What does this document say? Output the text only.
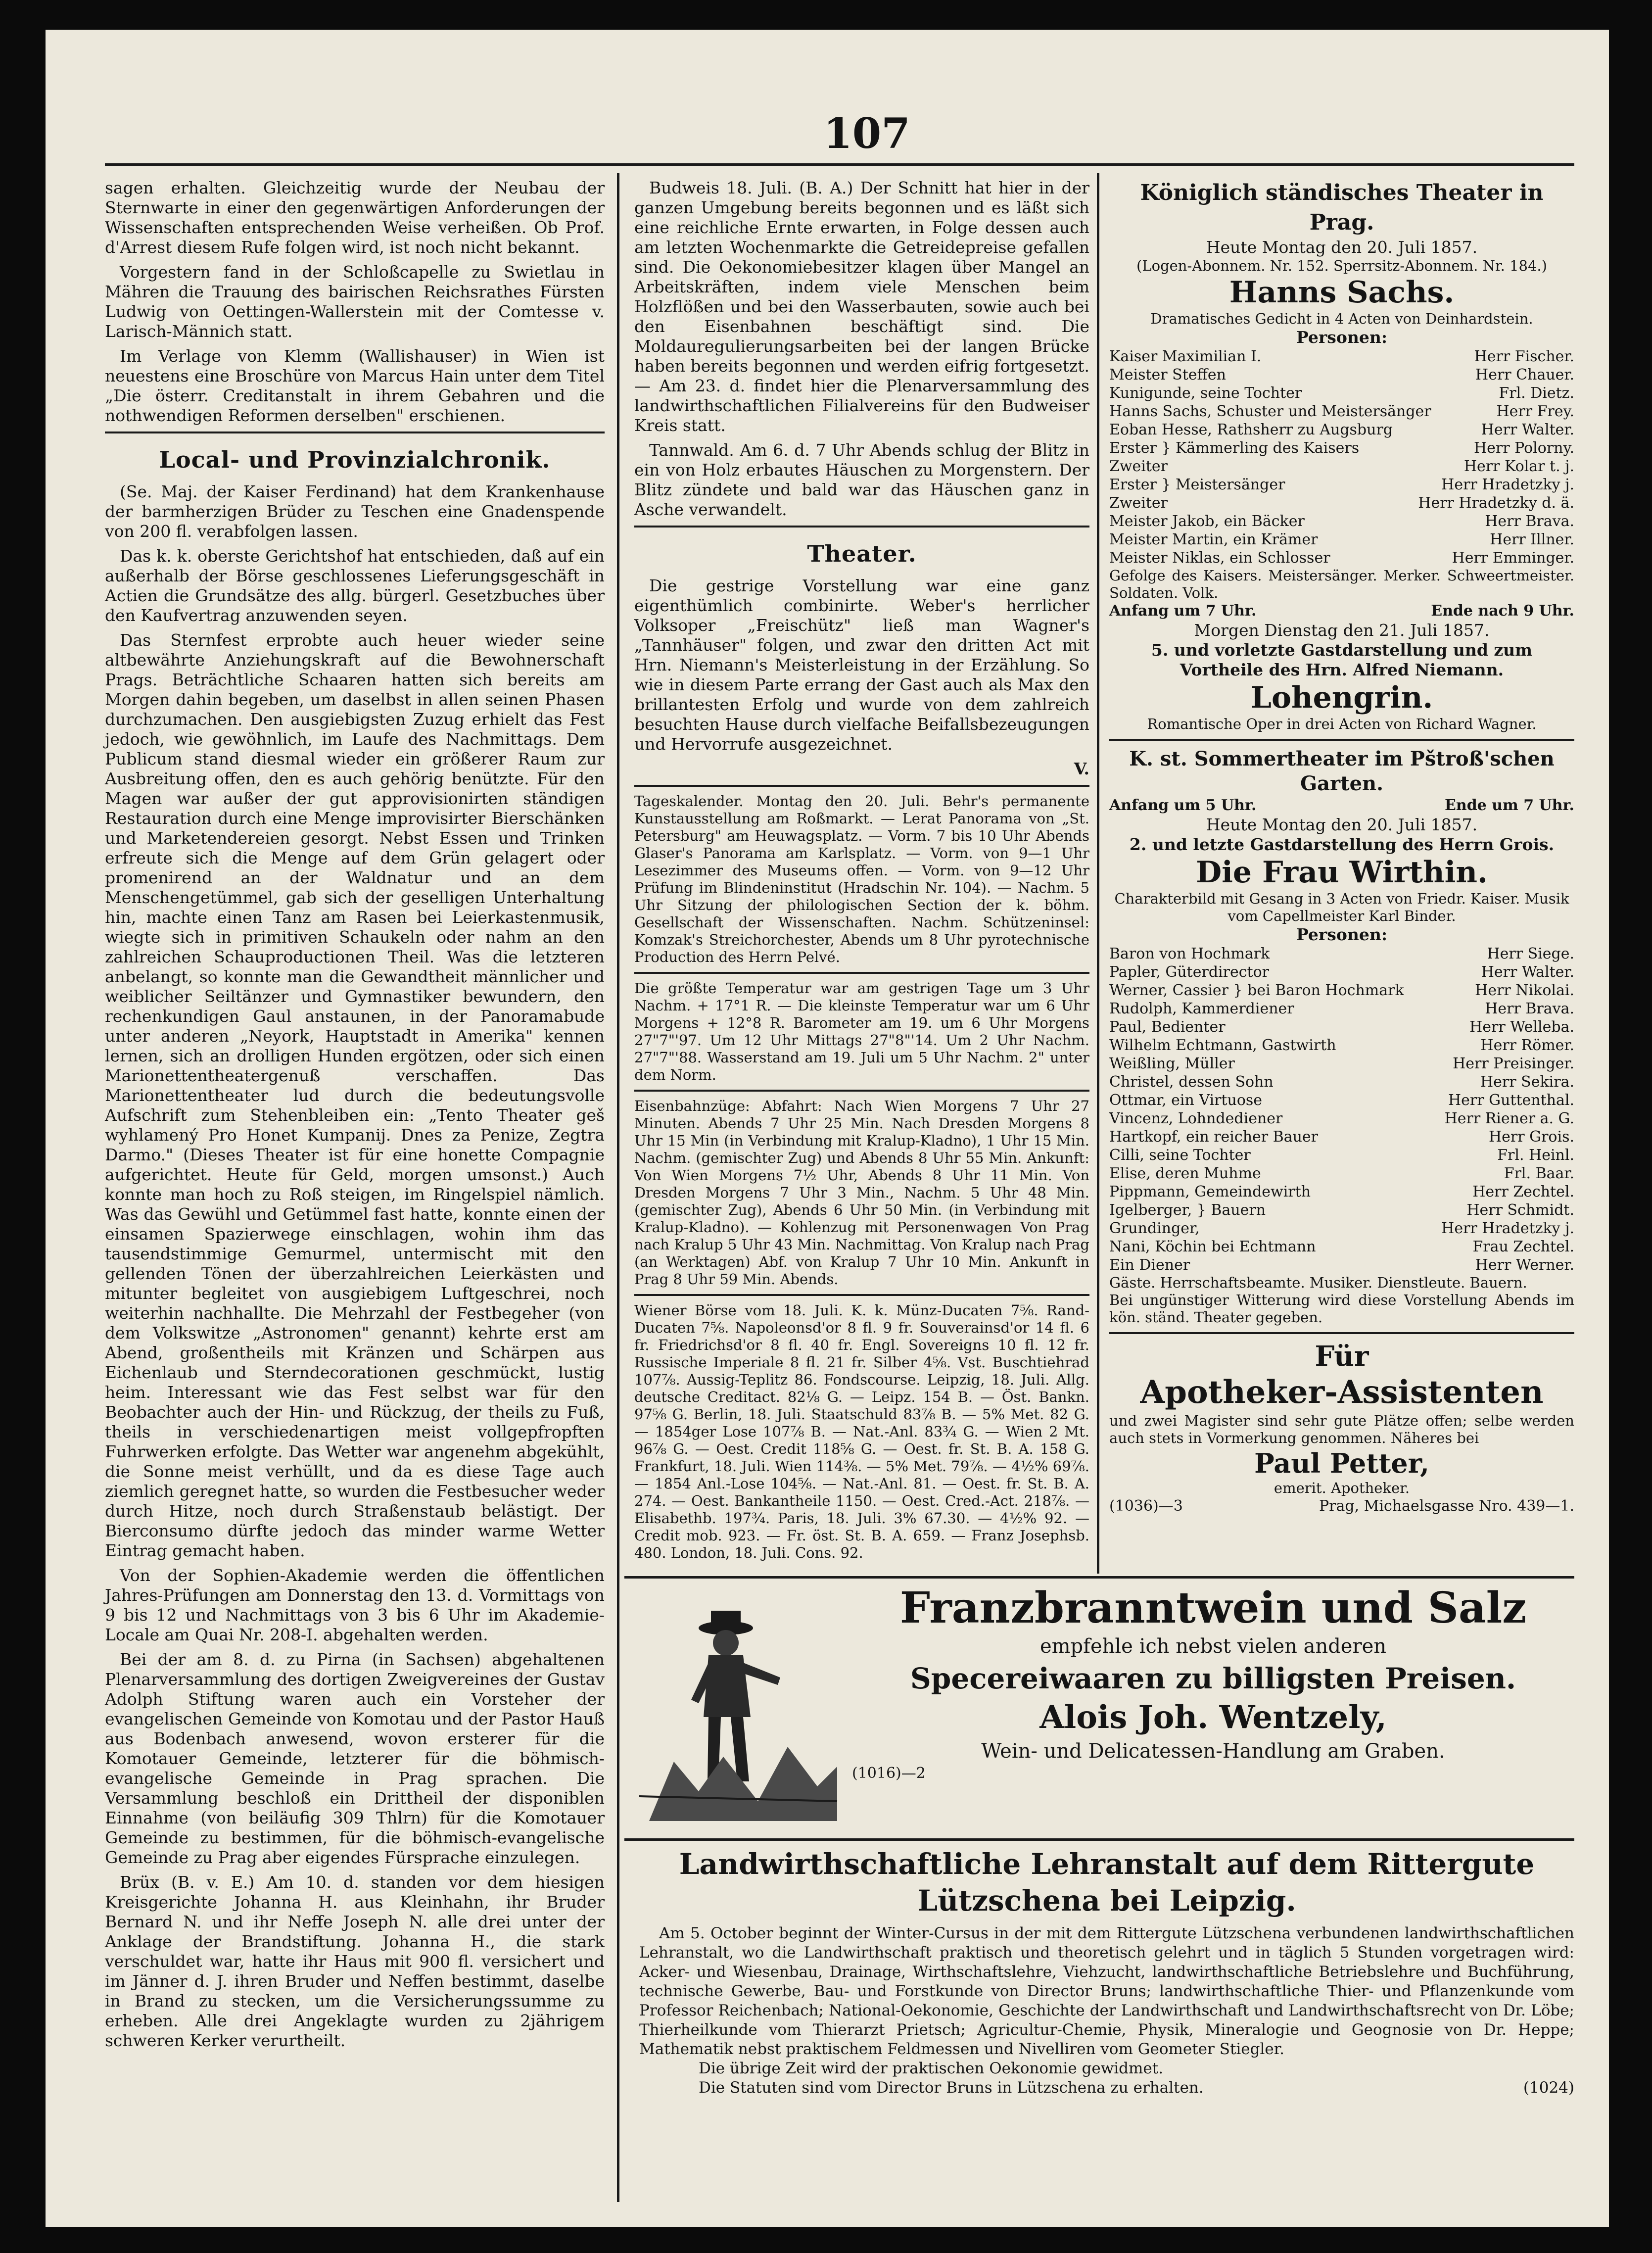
107

sagen erhalten. Gleichzeitig wurde der Neubau der Sternwarte in einer den gegenwärtigen Anforderungen der Wissenschaften entsprechenden Weise verheißen. Ob Prof. d'Arrest diesem Rufe folgen wird, ist noch nicht bekannt.

Vorgestern fand in der Schloßcapelle zu Swietlau in Mähren die Trauung des bairischen Reichsrathes Fürsten Ludwig von Oettingen-Wallerstein mit der Comtesse v. Larisch-Männich statt.

Im Verlage von Klemm (Wallishauser) in Wien ist neuestens eine Broschüre von Marcus Hain unter dem Titel „Die österr. Creditanstalt in ihrem Gebahren und die nothwendigen Reformen derselben" erschienen.

Local- und Provinzialchronik.

(Se. Maj. der Kaiser Ferdinand) hat dem Krankenhause der barmherzigen Brüder zu Teschen eine Gnadenspende von 200 fl. verabfolgen lassen.

Das k. k. oberste Gerichtshof hat entschieden, daß auf ein außerhalb der Börse geschlossenes Lieferungsgeschäft in Actien die Grundsätze des allg. bürgerl. Gesetzbuches über den Kaufvertrag anzuwenden seyen.

Das Sternfest erprobte auch heuer wieder seine altbewährte Anziehungskraft auf die Bewohnerschaft Prags. Beträchtliche Schaaren hatten sich bereits am Morgen dahin begeben, um daselbst in allen seinen Phasen durchzumachen. Den ausgiebigsten Zuzug erhielt das Fest jedoch, wie gewöhnlich, im Laufe des Nachmittags. Dem Publicum stand diesmal wieder ein größerer Raum zur Ausbreitung offen, den es auch gehörig benützte. Für den Magen war außer der gut approvisionirten ständigen Restauration durch eine Menge improvisirter Bierschänken und Marketendereien gesorgt. Nebst Essen und Trinken erfreute sich die Menge auf dem Grün gelagert oder promenirend an der Waldnatur und an dem Menschengetümmel, gab sich der geselligen Unterhaltung hin, machte einen Tanz am Rasen bei Leierkastenmusik, wiegte sich in primitiven Schaukeln oder nahm an den zahlreichen Schauproductionen Theil. Was die letzteren anbelangt, so konnte man die Gewandtheit männlicher und weiblicher Seiltänzer und Gymnastiker bewundern, den rechenkundigen Gaul anstaunen, in der Panoramabude unter anderen „Neyork, Hauptstadt in Amerika" kennen lernen, sich an drolligen Hunden ergötzen, oder sich einen Marionettentheatergenuß verschaffen. Das Marionettentheater lud durch die bedeutungsvolle Aufschrift zum Stehenbleiben ein: „Tento Theater geš wyhlamený Pro Honet Kumpanij. Dnes za Penize, Zegtra Darmo." (Dieses Theater ist für eine honette Compagnie aufgerichtet. Heute für Geld, morgen umsonst.) Auch konnte man hoch zu Roß steigen, im Ringelspiel nämlich. Was das Gewühl und Getümmel fast hatte, konnte einen der einsamen Spazierwege einschlagen, wohin ihm das tausendstimmige Gemurmel, untermischt mit den gellenden Tönen der überzahlreichen Leierkästen und mitunter begleitet von ausgiebigem Luftgeschrei, noch weiterhin nachhallte. Die Mehrzahl der Festbegeher (von dem Volkswitze „Astronomen" genannt) kehrte erst am Abend, großentheils mit Kränzen und Schärpen aus Eichenlaub und Sterndecorationen geschmückt, lustig heim. Interessant wie das Fest selbst war für den Beobachter auch der Hin- und Rückzug, der theils zu Fuß, theils in verschiedenartigen meist vollgepfropften Fuhrwerken erfolgte. Das Wetter war angenehm abgekühlt, die Sonne meist verhüllt, und da es diese Tage auch ziemlich geregnet hatte, so wurden die Festbesucher weder durch Hitze, noch durch Straßenstaub belästigt. Der Bierconsumo dürfte jedoch das minder warme Wetter Eintrag gemacht haben.

Von der Sophien-Akademie werden die öffentlichen Jahres-Prüfungen am Donnerstag den 13. d. Vormittags von 9 bis 12 und Nachmittags von 3 bis 6 Uhr im Akademie-Locale am Quai Nr. 208-I. abgehalten werden.

Bei der am 8. d. zu Pirna (in Sachsen) abgehaltenen Plenarversammlung des dortigen Zweigvereines der Gustav Adolph Stiftung waren auch ein Vorsteher der evangelischen Gemeinde von Komotau und der Pastor Hauß aus Bodenbach anwesend, wovon ersterer für die Komotauer Gemeinde, letzterer für die böhmisch-evangelische Gemeinde in Prag sprachen. Die Versammlung beschloß ein Drittheil der disponiblen Einnahme (von beiläufig 309 Thlrn) für die Komotauer Gemeinde zu bestimmen, für die böhmisch-evangelische Gemeinde zu Prag aber eigendes Fürsprache einzulegen.

Brüx (B. v. E.) Am 10. d. standen vor dem hiesigen Kreisgerichte Johanna H. aus Kleinhahn, ihr Bruder Bernard N. und ihr Neffe Joseph N. alle drei unter der Anklage der Brandstiftung. Johanna H., die stark verschuldet war, hatte ihr Haus mit 900 fl. versichert und im Jänner d. J. ihren Bruder und Neffen bestimmt, daselbe in Brand zu stecken, um die Versicherungssumme zu erheben. Alle drei Angeklagte wurden zu 2jährigem schweren Kerker verurtheilt.

Budweis 18. Juli. (B. A.) Der Schnitt hat hier in der ganzen Umgebung bereits begonnen und es läßt sich eine reichliche Ernte erwarten, in Folge dessen auch am letzten Wochenmarkte die Getreidepreise gefallen sind. Die Oekonomiebesitzer klagen über Mangel an Arbeitskräften, indem viele Menschen beim Holzflößen und bei den Wasserbauten, sowie auch bei den Eisenbahnen beschäftigt sind. Die Moldauregulierungsarbeiten bei der langen Brücke haben bereits begonnen und werden eifrig fortgesetzt. — Am 23. d. findet hier die Plenarversammlung des landwirthschaftlichen Filialvereins für den Budweiser Kreis statt.

Tannwald. Am 6. d. 7 Uhr Abends schlug der Blitz in ein von Holz erbautes Häuschen zu Morgenstern. Der Blitz zündete und bald war das Häuschen ganz in Asche verwandelt.

Theater.

Die gestrige Vorstellung war eine ganz eigenthümlich combinirte. Weber's herrlicher Volksoper „Freischütz" ließ man Wagner's „Tannhäuser" folgen, und zwar den dritten Act mit Hrn. Niemann's Meisterleistung in der Erzählung. So wie in diesem Parte errang der Gast auch als Max den brillantesten Erfolg und wurde von dem zahlreich besuchten Hause durch vielfache Beifallsbezeugungen und Hervorrufe ausgezeichnet.

V.

Tageskalender. Montag den 20. Juli. Behr's permanente Kunstausstellung am Roßmarkt. — Lerat Panorama von „St. Petersburg" am Heuwagsplatz. — Vorm. 7 bis 10 Uhr Abends Glaser's Panorama am Karlsplatz. — Vorm. von 9—1 Uhr Lesezimmer des Museums offen. — Vorm. von 9—12 Uhr Prüfung im Blindeninstitut (Hradschin Nr. 104). — Nachm. 5 Uhr Sitzung der philologischen Section der k. böhm. Gesellschaft der Wissenschaften. Nachm. Schützeninsel: Komzak's Streichorchester, Abends um 8 Uhr pyrotechnische Production des Herrn Pelvé.

Die größte Temperatur war am gestrigen Tage um 3 Uhr Nachm. + 17°1 R. — Die kleinste Temperatur war um 6 Uhr Morgens + 12°8 R. Barometer am 19. um 6 Uhr Morgens 27"7"'97. Um 12 Uhr Mittags 27"8"'14. Um 2 Uhr Nachm. 27"7"'88. Wasserstand am 19. Juli um 5 Uhr Nachm. 2" unter dem Norm.

Eisenbahnzüge: Abfahrt: Nach Wien Morgens 7 Uhr 27 Minuten. Abends 7 Uhr 25 Min. Nach Dresden Morgens 8 Uhr 15 Min (in Verbindung mit Kralup-Kladno), 1 Uhr 15 Min. Nachm. (gemischter Zug) und Abends 8 Uhr 55 Min. Ankunft: Von Wien Morgens 7½ Uhr, Abends 8 Uhr 11 Min. Von Dresden Morgens 7 Uhr 3 Min., Nachm. 5 Uhr 48 Min. (gemischter Zug), Abends 6 Uhr 50 Min. (in Verbindung mit Kralup-Kladno). — Kohlenzug mit Personenwagen Von Prag nach Kralup 5 Uhr 43 Min. Nachmittag. Von Kralup nach Prag (an Werktagen) Abf. von Kralup 7 Uhr 10 Min. Ankunft in Prag 8 Uhr 59 Min. Abends.

Wiener Börse vom 18. Juli. K. k. Münz-Ducaten 7⅝. Rand-Ducaten 7⅝. Napoleonsd'or 8 fl. 9 fr. Souverainsd'or 14 fl. 6 fr. Friedrichsd'or 8 fl. 40 fr. Engl. Sovereigns 10 fl. 12 fr. Russische Imperiale 8 fl. 21 fr. Silber 4⅝. Vst. Buschtiehrad 107⅞. Aussig-Teplitz 86. Fondscourse. Leipzig, 18. Juli. Allg. deutsche Creditact. 82⅛ G. — Leipz. 154 B. — Öst. Bankn. 97⅝ G. Berlin, 18. Juli. Staatschuld 83⅞ B. — 5% Met. 82 G. — 1854ger Lose 107⅞ B. — Nat.-Anl. 83¾ G. — Wien 2 Mt. 96⅞ G. — Oest. Credit 118⅝ G. — Oest. fr. St. B. A. 158 G. Frankfurt, 18. Juli. Wien 114⅜. — 5% Met. 79⅞. — 4½% 69⅞. — 1854 Anl.-Lose 104⅝. — Nat.-Anl. 81. — Oest. fr. St. B. A. 274. — Oest. Bankantheile 1150. — Oest. Cred.-Act. 218⅞. — Elisabethb. 197¾. Paris, 18. Juli. 3% 67.30. — 4½% 92. — Credit mob. 923. — Fr. öst. St. B. A. 659. — Franz Josephsb. 480. London, 18. Juli. Cons. 92.

Königlich ständisches Theater in Prag.
Heute Montag den 20. Juli 1857.
(Logen-Abonnem. Nr. 152. Sperrsitz-Abonnem. Nr. 184.)
Hanns Sachs.
Dramatisches Gedicht in 4 Acten von Deinhardstein.
Personen:
Kaiser Maximilian I.	Herr Fischer.
Meister Steffen	Herr Chauer.
Kunigunde, seine Tochter	Frl. Dietz.
Hanns Sachs, Schuster und Meistersänger	Herr Frey.
Eoban Hesse, Rathsherr zu Augsburg	Herr Walter.
Erster } Kämmerling des Kaisers	Herr Polorny.
Zweiter	Herr Kolar t. j.
Erster } Meistersänger	Herr Hradetzky j.
Zweiter	Herr Hradetzky d. ä.
Meister Jakob, ein Bäcker	Herr Brava.
Meister Martin, ein Krämer	Herr Illner.
Meister Niklas, ein Schlosser	Herr Emminger.
Gefolge des Kaisers. Meistersänger. Merker. Schweertmeister. Soldaten. Volk.
Anfang um 7 Uhr.	Ende nach 9 Uhr.
Morgen Dienstag den 21. Juli 1857.
5. und vorletzte Gastdarstellung und zum Vortheile des Hrn. Alfred Niemann.
Lohengrin.
Romantische Oper in drei Acten von Richard Wagner.
K. st. Sommertheater im Pštroß'schen Garten.
Anfang um 5 Uhr.	Ende um 7 Uhr.
Heute Montag den 20. Juli 1857.
2. und letzte Gastdarstellung des Herrn Grois.
Die Frau Wirthin.
Charakterbild mit Gesang in 3 Acten von Friedr. Kaiser. Musik vom Capellmeister Karl Binder.
Personen:
Baron von Hochmark	Herr Siege.
Papler, Güterdirector	Herr Walter.
Werner, Cassier } bei Baron Hochmark	Herr Nikolai.
Rudolph, Kammerdiener	Herr Brava.
Paul, Bedienter	Herr Welleba.
Wilhelm Echtmann, Gastwirth	Herr Römer.
Weißling, Müller	Herr Preisinger.
Christel, dessen Sohn	Herr Sekira.
Ottmar, ein Virtuose	Herr Guttenthal.
Vincenz, Lohndediener	Herr Riener a. G.
Hartkopf, ein reicher Bauer	Herr Grois.
Cilli, seine Tochter	Frl. Heinl.
Elise, deren Muhme	Frl. Baar.
Pippmann, Gemeindewirth	Herr Zechtel.
Igelberger, } Bauern	Herr Schmidt.
Grundinger,	Herr Hradetzky j.
Nani, Köchin bei Echtmann	Frau Zechtel.
Ein Diener	Herr Werner.
Gäste. Herrschaftsbeamte. Musiker. Dienstleute. Bauern.
Bei ungünstiger Witterung wird diese Vorstellung Abends im kön. ständ. Theater gegeben.
Für
Apotheker-Assistenten
und zwei Magister sind sehr gute Plätze offen; selbe werden auch stets in Vormerkung genommen. Näheres bei
Paul Petter,
emerit. Apotheker.
(1036)—3	Prag, Michaelsgasse Nro. 439—1.
Franzbranntwein und Salz
empfehle ich nebst vielen anderen
Specereiwaaren zu billigsten Preisen.
Alois Joh. Wentzely,
Wein- und Delicatessen-Handlung am Graben.
(1016)—2
Landwirthschaftliche Lehranstalt auf dem Rittergute
Lützschena bei Leipzig.

Am 5. October beginnt der Winter-Cursus in der mit dem Rittergute Lützschena verbundenen landwirthschaftlichen Lehranstalt, wo die Landwirthschaft praktisch und theoretisch gelehrt und in täglich 5 Stunden vorgetragen wird: Acker- und Wiesenbau, Drainage, Wirthschaftslehre, Viehzucht, landwirthschaftliche Betriebslehre und Buchführung, technische Gewerbe, Bau- und Forstkunde von Director Bruns; landwirthschaftliche Thier- und Pflanzenkunde vom Professor Reichenbach; National-Oekonomie, Geschichte der Landwirthschaft und Landwirthschaftsrecht von Dr. Löbe; Thierheilkunde vom Thierarzt Prietsch; Agricultur-Chemie, Physik, Mineralogie und Geognosie von Dr. Heppe; Mathematik nebst praktischem Feldmessen und Nivelliren vom Geometer Stiegler.

Die übrige Zeit wird der praktischen Oekonomie gewidmet.
Die Statuten sind vom Director Bruns in Lützschena zu erhalten.	(1024)
